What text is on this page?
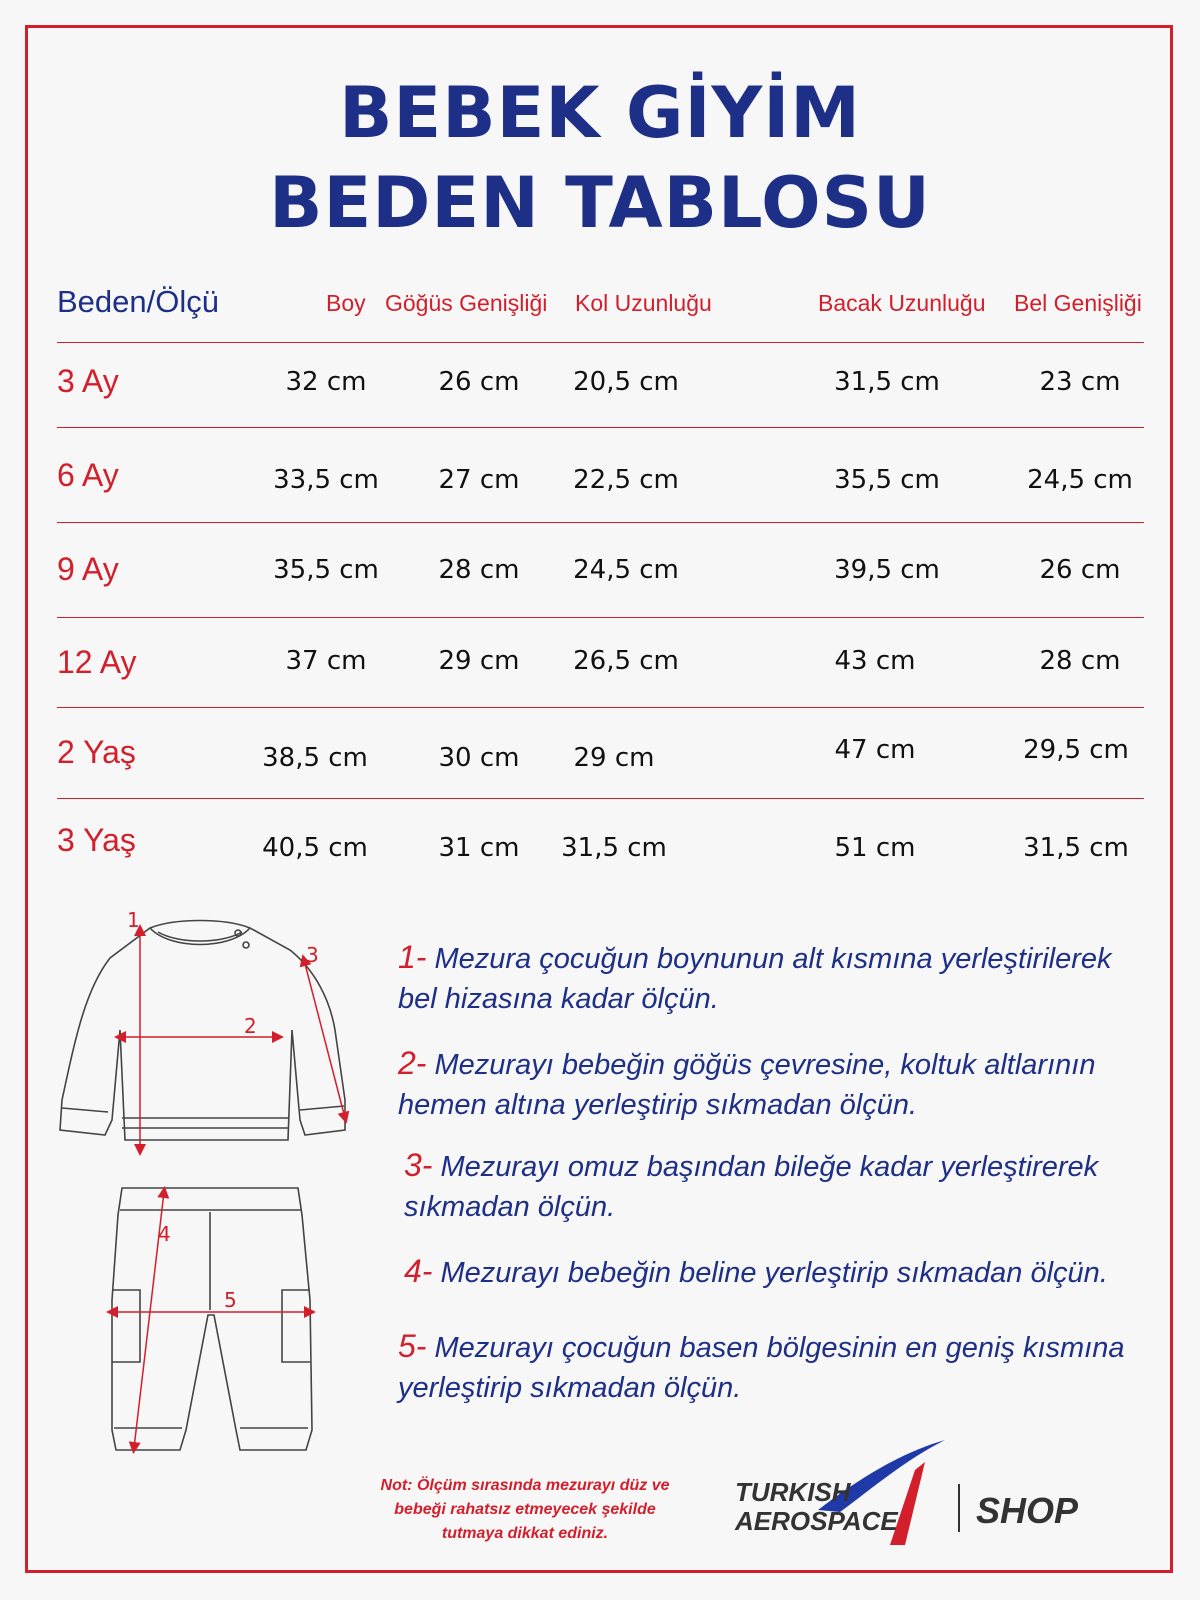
BEBEK GİYİM
BEDEN TABLOSU
Beden/Ölçü	Boy Göğüs Genişliği Kol Uzunluğu	Bacak Uzunluğu Bel Genişliği
3 Ay	32 cm	26 cm 20,5 cm	31,5 cm	23 cm
6 Ay	33,5 cm 27 cm 22,5 cm	35,5 cm	24,5 cm
9 Ay	35,5 cm 28 cm 24,5 cm	39,5 cm	26 cm
12 Ay	37 cm	29 cm 26,5 cm	43 cm	28 cm
2 Yaş	38,5 cm	30 cm 29 cm	47 cm	29,5 cm
3 Yaş	40,5 cm	31 cm 31,5 cm	51 cm	31,5 cm
1
2
3
4
5
1- Mezura çocuğun boynunun alt kısmına yerleştirilerek bel hizasına kadar ölçün.
2- Mezurayı bebeğin göğüs çevresine, koltuk altlarının hemen altına yerleştirip sıkmadan ölçün.
3- Mezurayı omuz başından bileğe kadar yerleştirerek sıkmadan ölçün.
4- Mezurayı bebeğin beline yerleştirip sıkmadan ölçün.
5- Mezurayı çocuğun basen bölgesinin en geniş kısmına yerleştirip sıkmadan ölçün.
Not: Ölçüm sırasında mezurayı düz ve
bebeği rahatsız etmeyecek şekilde
tutmaya dikkat ediniz.
TURKISH
AEROSPACE SHOP
